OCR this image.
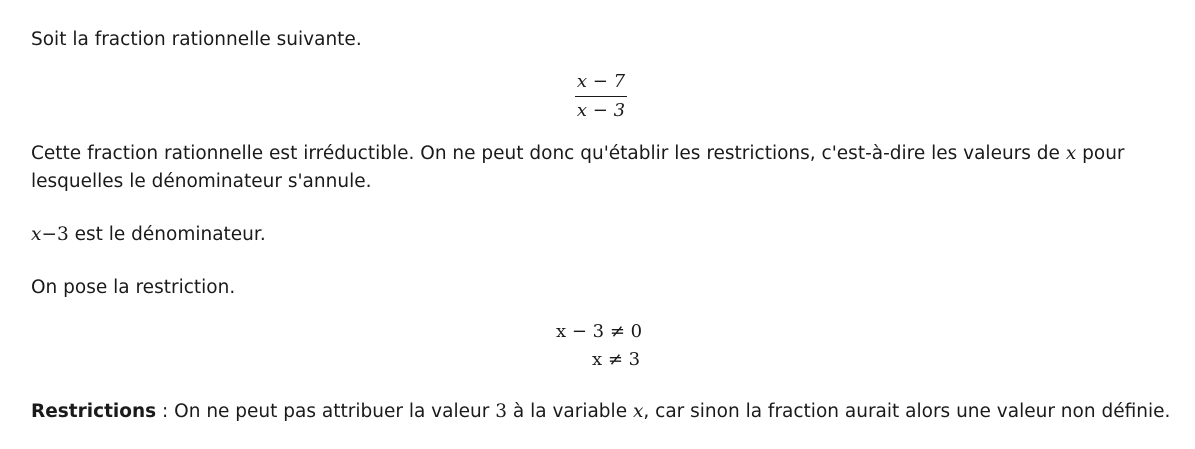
Soit la fraction rationnelle suivante.
x − 7
x − 3
Cette fraction rationnelle est irréductible. On ne peut donc qu'établir les restrictions, c'est-à-dire les valeurs de x pour
lesquelles le dénominateur s'annule.
x−3 est le dénominateur.
On pose la restriction.
x − 3 ≠ 0
x ≠ 3
Restrictions : On ne peut pas attribuer la valeur 3 à la variable x, car sinon la fraction aurait alors une valeur non définie.
